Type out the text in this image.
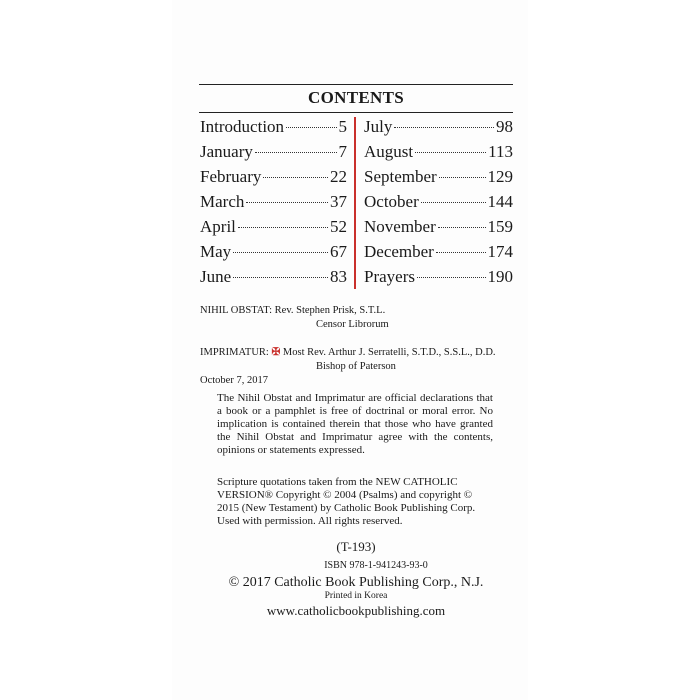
CONTENTS
Introduction	5
January	7
February	22
March	37
April	52
May	67
June	83
July	98
August	113
September	129
October	144
November	159
December	174
Prayers	190
NIHIL OBSTAT: Rev. Stephen Prisk, S.T.L.
Censor Librorum
IMPRIMATUR: ✠ Most Rev. Arthur J. Serratelli, S.T.D., S.S.L., D.D.
Bishop of Paterson
October 7, 2017
The Nihil Obstat and Imprimatur are official declarations that a book or a pamphlet is free of doctrinal or moral error. No implication is contained therein that those who have granted the Nihil Obstat and Imprimatur agree with the contents, opinions or statements expressed.
Scripture quotations taken from the NEW CATHOLIC VERSION® Copyright © 2004 (Psalms) and copyright © 2015 (New Testament) by Catholic Book Publishing Corp. Used with permission. All rights reserved.
(T-193)
ISBN 978-1-941243-93-0
© 2017 Catholic Book Publishing Corp., N.J.
Printed in Korea
www.catholicbookpublishing.com
